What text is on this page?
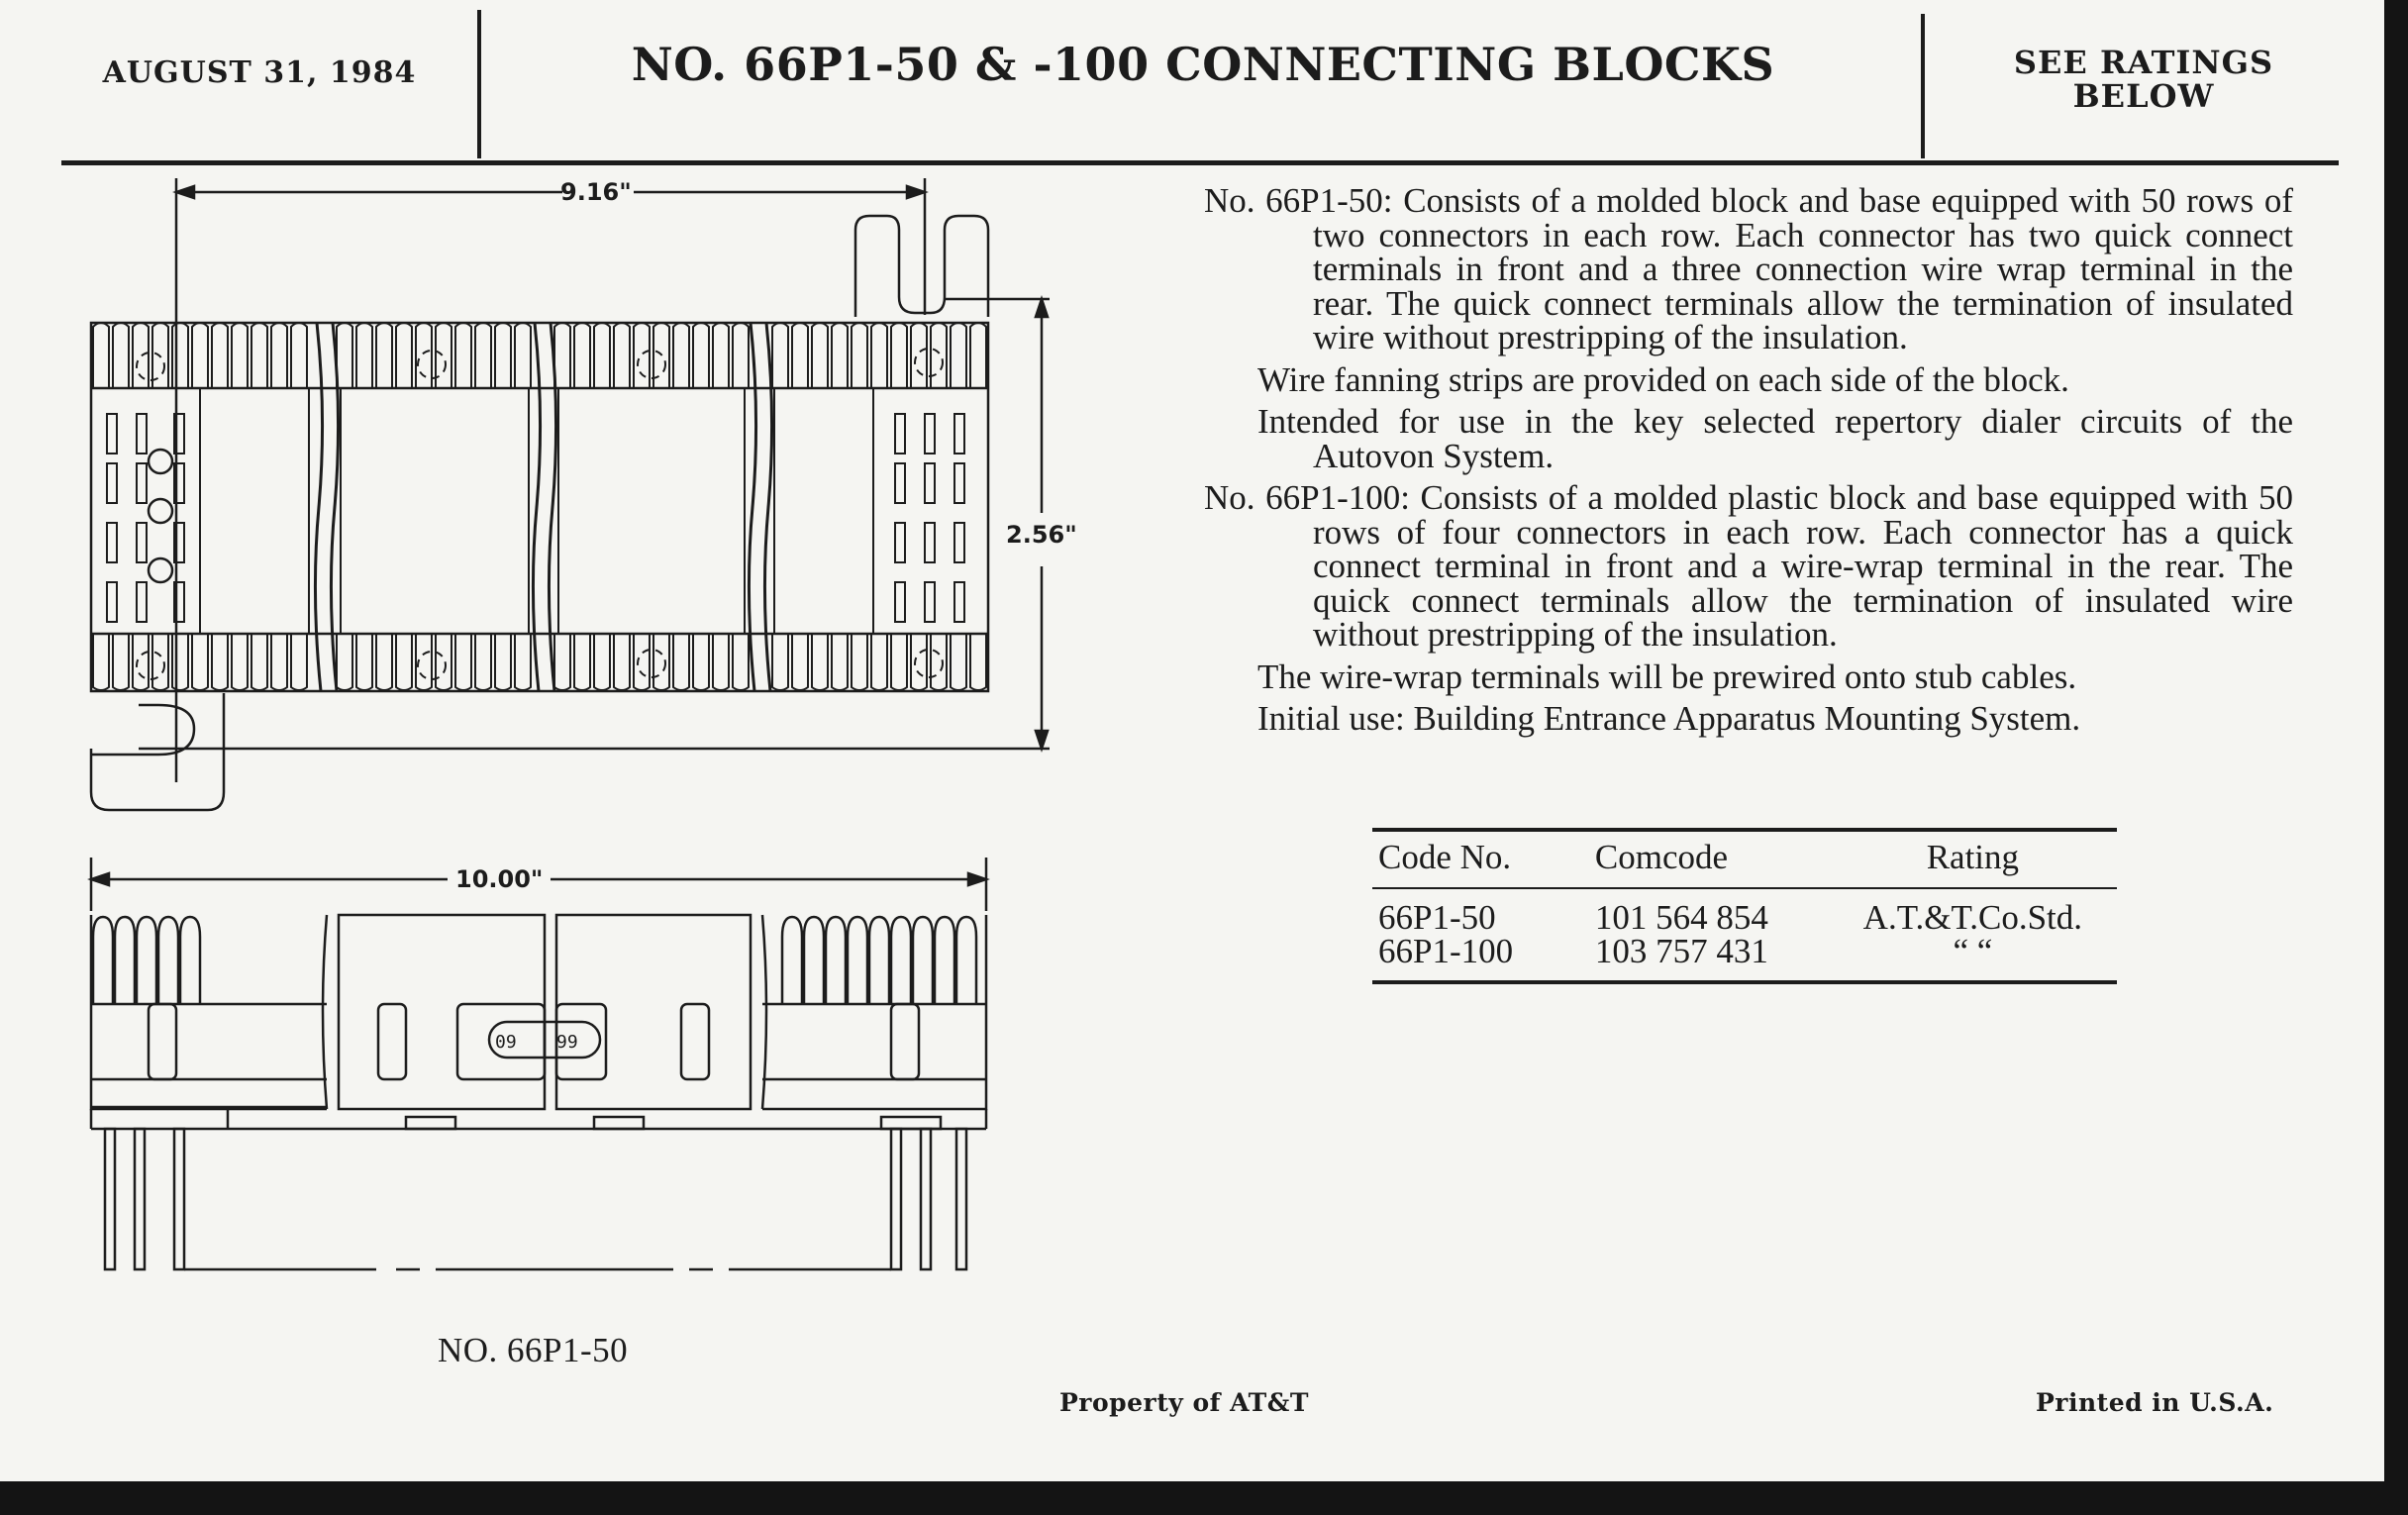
AUGUST 31, 1984	NO. 66P1-50 & -100 CONNECTING BLOCKS	SEE RATINGS
BELOW

No. 66P1-50: Consists of a molded block and base equipped with 50 rows of two connectors in each row. Each connector has two quick connect terminals in front and a three connection wire wrap terminal in the rear. The quick connect terminals allow the termination of insulated wire without prestripping of the insulation.

Wire fanning strips are provided on each side of the block.

Intended for use in the key selected repertory dialer circuits of the Autovon System.

No. 66P1-100: Consists of a molded plastic block and base equipped with 50 rows of four connectors in each row. Each connector has a quick connect terminal in front and a wire-wrap terminal in the rear. The quick connect terminals allow the termination of insulated wire without prestripping of the insulation.

The wire-wrap terminals will be prewired onto stub cables.

Initial use: Building Entrance Apparatus Mounting System.

Code No.	Comcode	Rating
66P1-50	101 564 854	A.T.&T.Co.Std.
66P1-100	103 757 431	“ “
9.16"
2.56"
10.00"
09 99
NO. 66P1-50
Property of AT&T	Printed in U.S.A.
